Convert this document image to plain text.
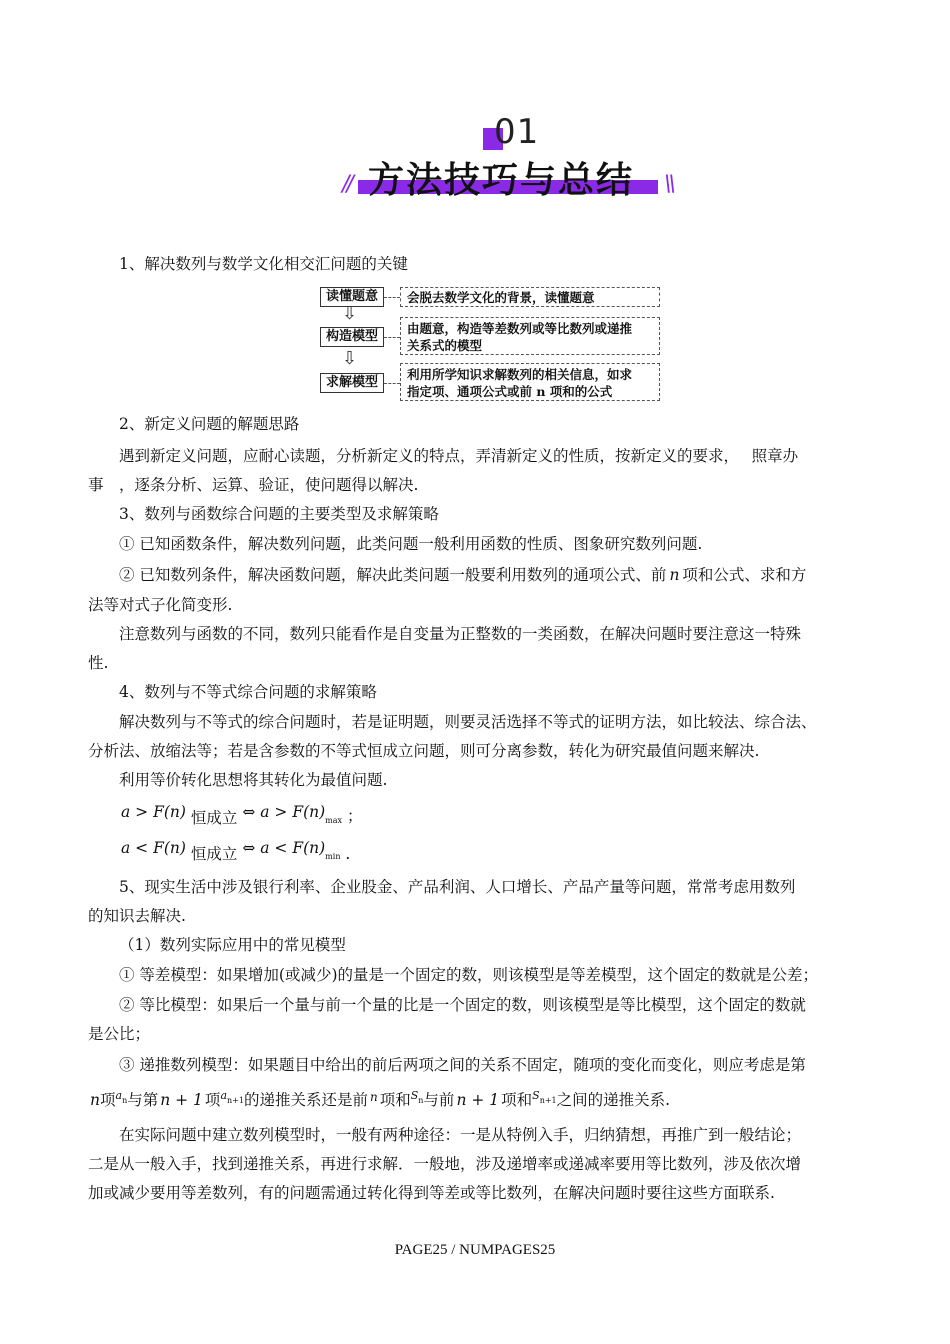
01
方法技巧与总结
//	\\
1、解决数列与数学文化相交汇问题的关键
读懂题意	会脱去数学文化的背景，读懂题意
⇩
构造模型
由题意，构造等差数列或等比数列或递推
关系式的模型
⇩
求解模型
利用所学知识求解数列的相关信息，如求
指定项、通项公式或前 n 项和的公式
2、新定义问题的解题思路
遇到新定义问题，应耐心读题，分析新定义的特点，弄清新定义的性质，按新定义的要求，　 照章办
事　，逐条分析、运算、验证，使问题得以解决.
3、数列与函数综合问题的主要类型及求解策略
① 已知函数条件，解决数列问题，此类问题一般利用函数的性质、图象研究数列问题.
② 已知数列条件，解决函数问题，解决此类问题一般要利用数列的通项公式、前 n 项和公式、求和方
法等对式子化简变形.
注意数列与函数的不同，数列只能看作是自变量为正整数的一类函数，在解决问题时要注意这一特殊
性.
4、数列与不等式综合问题的求解策略
解决数列与不等式的综合问题时，若是证明题，则要灵活选择不等式的证明方法，如比较法、综合法、
分析法、放缩法等；若是含参数的不等式恒成立问题，则可分离参数，转化为研究最值问题来解决.
利用等价转化思想将其转化为最值问题.
a > F(n) 恒成立 ⇔ $a > F(n)_{max}$ ；
a < F(n) 恒成立 ⇔ $a < F(n)_{min}$ .
5、现实生活中涉及银行利率、企业股金、产品利润、人口增长、产品产量等问题，常常考虑用数列
的知识去解决.
（1）数列实际应用中的常见模型
① 等差模型：如果增加(或减少)的量是一个固定的数，则该模型是等差模型，这个固定的数就是公差；
② 等比模型：如果后一个量与前一个量的比是一个固定的数，则该模型是等比模型，这个固定的数就
是公比；
③ 递推数列模型：如果题目中给出的前后两项之间的关系不固定，随项的变化而变化，则应考虑是第
n项$^a$n与第 n + 1 项$^a$n+1的递推关系还是前 $^n$ 项和$^S$n与前 n + 1 项和$^S$n+1之间的递推关系.
在实际问题中建立数列模型时，一般有两种途径：一是从特例入手，归纳猜想，再推广到一般结论；
二是从一般入手，找到递推关系，再进行求解．一般地，涉及递增率或递减率要用等比数列，涉及依次增
加或减少要用等差数列，有的问题需通过转化得到等差或等比数列，在解决问题时要往这些方面联系.
PAGE25 / NUMPAGES25
